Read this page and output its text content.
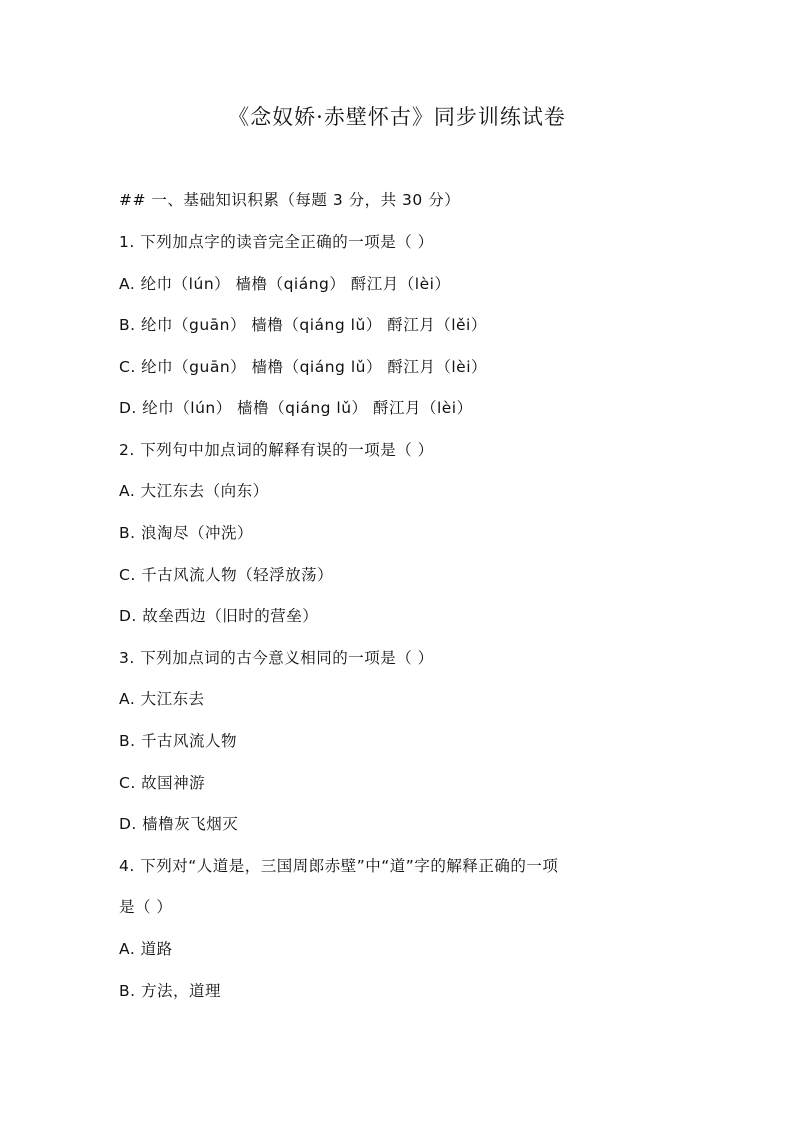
《念奴娇·赤壁怀古》同步训练试卷
## 一、基础知识积累（每题 3 分，共 30 分）
1. 下列加点字的读音完全正确的一项是（ ）
A. 纶巾（lún） 樯橹（qiáng） 酹江月（lèi）
B. 纶巾（guān） 樯橹（qiáng lǔ） 酹江月（lěi）
C. 纶巾（guān） 樯橹（qiáng lǔ） 酹江月（lèi）
D. 纶巾（lún） 樯橹（qiáng lǔ） 酹江月（lèi）
2. 下列句中加点词的解释有误的一项是（ ）
A. 大江东去（向东）
B. 浪淘尽（冲洗）
C. 千古风流人物（轻浮放荡）
D. 故垒西边（旧时的营垒）
3. 下列加点词的古今意义相同的一项是（ ）
A. 大江东去
B. 千古风流人物
C. 故国神游
D. 樯橹灰飞烟灭
4. 下列对“人道是，三国周郎赤壁”中“道”字的解释正确的一项
是（ ）
A. 道路
B. 方法，道理
